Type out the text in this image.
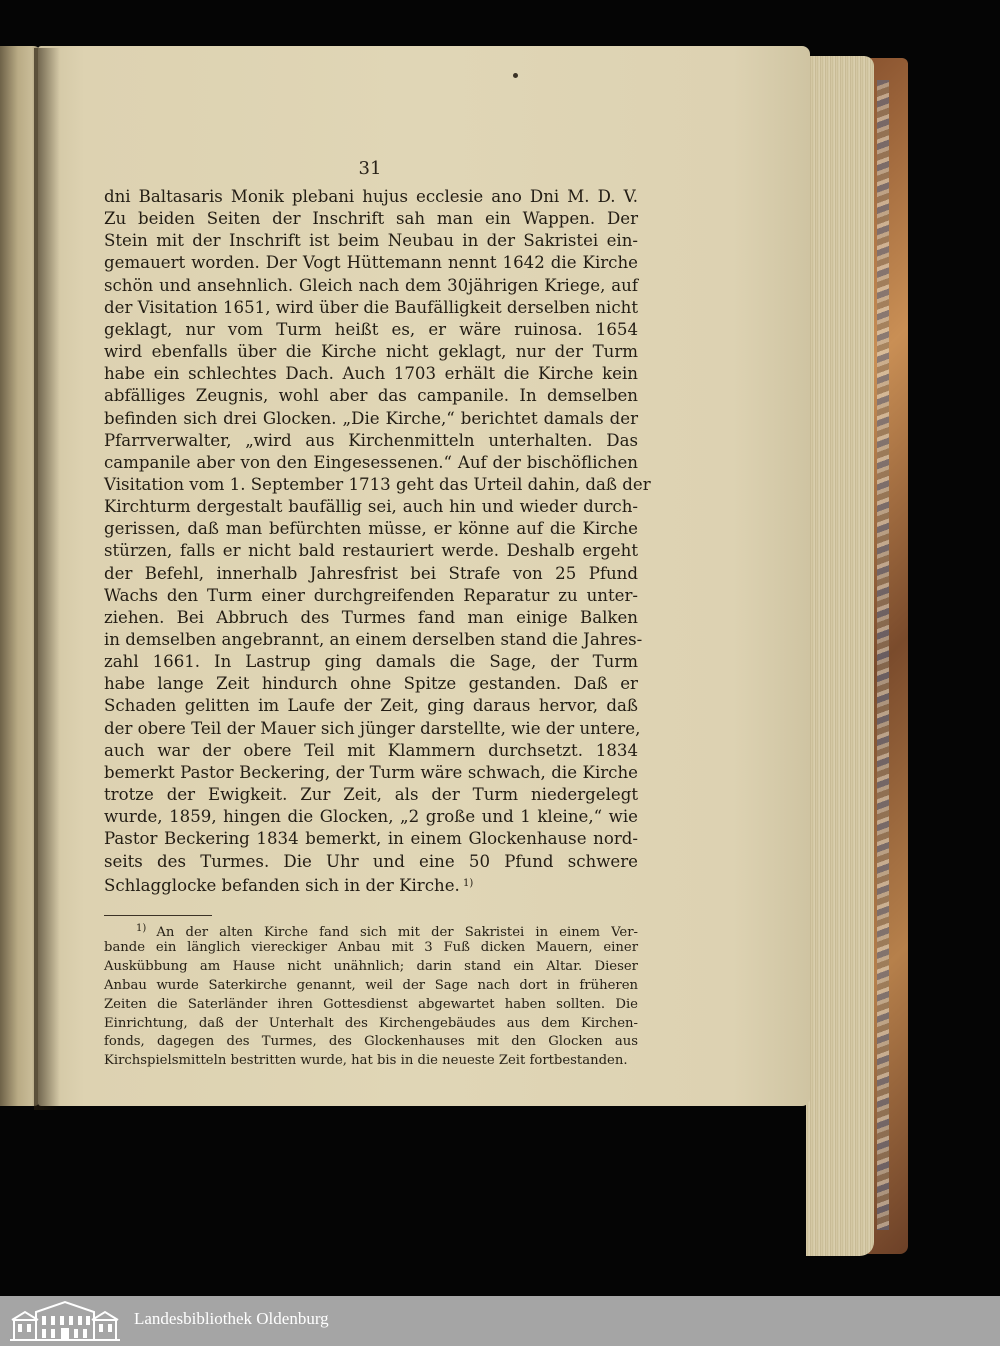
31
dni Baltasaris Monik plebani hujus ecclesie ano Dni M. D. V.
Zu beiden Seiten der Inschrift sah man ein Wappen. Der
Stein mit der Inschrift ist beim Neubau in der Sakristei ein-
gemauert worden. Der Vogt Hüttemann nennt 1642 die Kirche
schön und ansehnlich. Gleich nach dem 30jährigen Kriege, auf
der Visitation 1651, wird über die Baufälligkeit derselben nicht
geklagt, nur vom Turm heißt es, er wäre ruinosa. 1654
wird ebenfalls über die Kirche nicht geklagt, nur der Turm
habe ein schlechtes Dach. Auch 1703 erhält die Kirche kein
abfälliges Zeugnis, wohl aber das campanile. In demselben
befinden sich drei Glocken. „Die Kirche,“ berichtet damals der
Pfarrverwalter, „wird aus Kirchenmitteln unterhalten. Das
campanile aber von den Eingesessenen.“ Auf der bischöflichen
Visitation vom 1. September 1713 geht das Urteil dahin, daß der
Kirchturm dergestalt baufällig sei, auch hin und wieder durch-
gerissen, daß man befürchten müsse, er könne auf die Kirche
stürzen, falls er nicht bald restauriert werde. Deshalb ergeht
der Befehl, innerhalb Jahresfrist bei Strafe von 25 Pfund
Wachs den Turm einer durchgreifenden Reparatur zu unter-
ziehen. Bei Abbruch des Turmes fand man einige Balken
in demselben angebrannt, an einem derselben stand die Jahres-
zahl 1661. In Lastrup ging damals die Sage, der Turm
habe lange Zeit hindurch ohne Spitze gestanden. Daß er
Schaden gelitten im Laufe der Zeit, ging daraus hervor, daß
der obere Teil der Mauer sich jünger darstellte, wie der untere,
auch war der obere Teil mit Klammern durchsetzt. 1834
bemerkt Pastor Beckering, der Turm wäre schwach, die Kirche
trotze der Ewigkeit. Zur Zeit, als der Turm niedergelegt
wurde, 1859, hingen die Glocken, „2 große und 1 kleine,“ wie
Pastor Beckering 1834 bemerkt, in einem Glockenhause nord-
seits des Turmes. Die Uhr und eine 50 Pfund schwere
Schlagglocke befanden sich in der Kirche. $^{1)}$
$^{1)}$ An der alten Kirche fand sich mit der Sakristei in einem Ver-
bande ein länglich viereckiger Anbau mit 3 Fuß dicken Mauern, einer
Auskübbung am Hause nicht unähnlich; darin stand ein Altar. Dieser
Anbau wurde Saterkirche genannt, weil der Sage nach dort in früheren
Zeiten die Saterländer ihren Gottesdienst abgewartet haben sollten. Die
Einrichtung, daß der Unterhalt des Kirchengebäudes aus dem Kirchen-
fonds, dagegen des Turmes, des Glockenhauses mit den Glocken aus
Kirchspielsmitteln bestritten wurde, hat bis in die neueste Zeit fortbestanden.
Landesbibliothek Oldenburg
